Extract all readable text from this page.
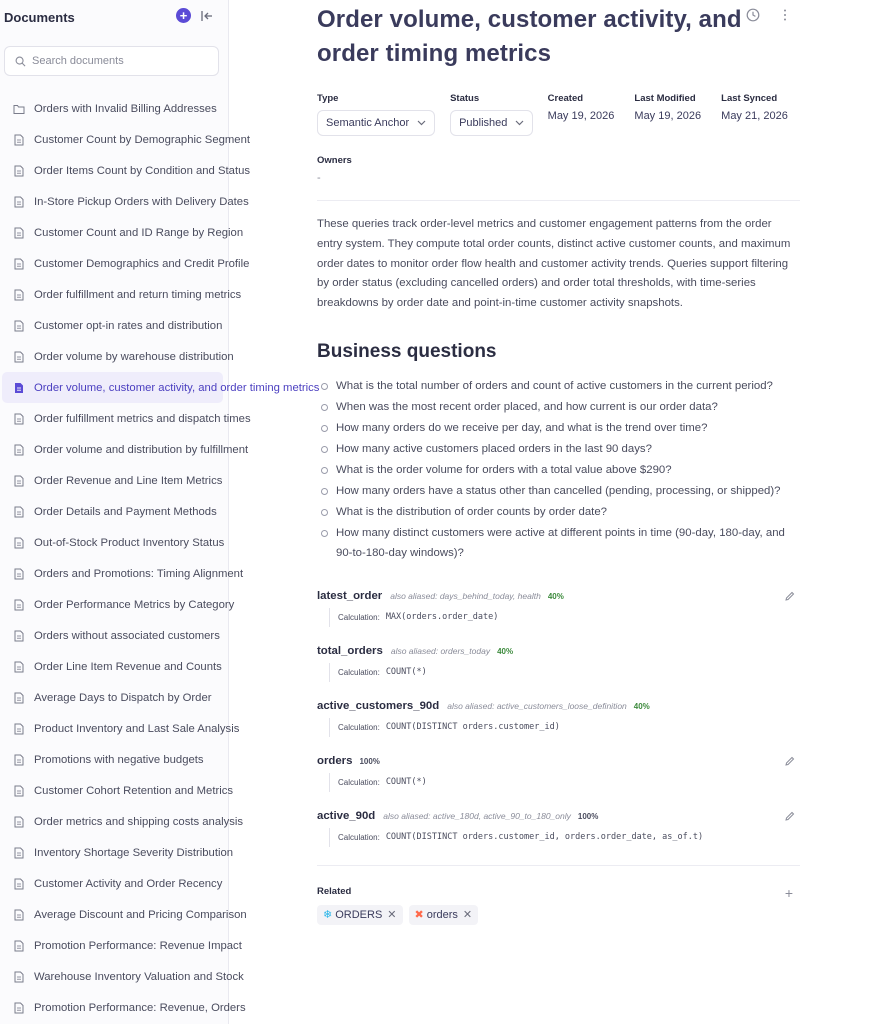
Documents	+
Search documents
Orders with Invalid Billing Addresses
Customer Count by Demographic Segment
Order Items Count by Condition and Status
In-Store Pickup Orders with Delivery Dates
Customer Count and ID Range by Region
Customer Demographics and Credit Profile
Order fulfillment and return timing metrics
Customer opt-in rates and distribution
Order volume by warehouse distribution
Order volume, customer activity, and order timing metrics
Order fulfillment metrics and dispatch times
Order volume and distribution by fulfillment
Order Revenue and Line Item Metrics
Order Details and Payment Methods
Out-of-Stock Product Inventory Status
Orders and Promotions: Timing Alignment
Order Performance Metrics by Category
Orders without associated customers
Order Line Item Revenue and Counts
Average Days to Dispatch by Order
Product Inventory and Last Sale Analysis
Promotions with negative budgets
Customer Cohort Retention and Metrics
Order metrics and shipping costs analysis
Inventory Shortage Severity Distribution
Customer Activity and Order Recency
Average Discount and Pricing Comparison
Promotion Performance: Revenue Impact
Warehouse Inventory Valuation and Stock
Promotion Performance: Revenue, Orders
Order volume, customer activity, and order timing metrics
Type
Semantic Anchor
Status
Published
Created
May 19, 2026
Last Modified
May 19, 2026
Last Synced
May 21, 2026
Owners
-

These queries track order-level metrics and customer engagement patterns from the order entry system. They compute total order counts, distinct active customer counts, and maximum order dates to monitor order flow health and customer activity trends. Queries support filtering by order status (excluding cancelled orders) and order total thresholds, with time-series breakdowns by order date and point-in-time customer activity snapshots.

Business questions
What is the total number of orders and count of active customers in the current period?
When was the most recent order placed, and how current is our order data?
How many orders do we receive per day, and what is the trend over time?
How many active customers placed orders in the last 90 days?
What is the order volume for orders with a total value above $290?
How many orders have a status other than cancelled (pending, processing, or shipped)?
What is the distribution of order counts by order date?
How many distinct customers were active at different points in time (90-day, 180-day, and 90-to-180-day windows)?
latest_order also aliased: days_behind_today, health 40%
Calculation: MAX(orders.order_date)
total_orders also aliased: orders_today 40%
Calculation: COUNT(*)
active_customers_90d also aliased: active_customers_loose_definition 40%
Calculation: COUNT(DISTINCT orders.customer_id)
orders 100%
Calculation: COUNT(*)
active_90d also aliased: active_180d, active_90_to_180_only 100%
Calculation: COUNT(DISTINCT orders.customer_id, orders.order_date, as_of.t)
Related	+
❄ ORDERS ✕ ✖ orders ✕
